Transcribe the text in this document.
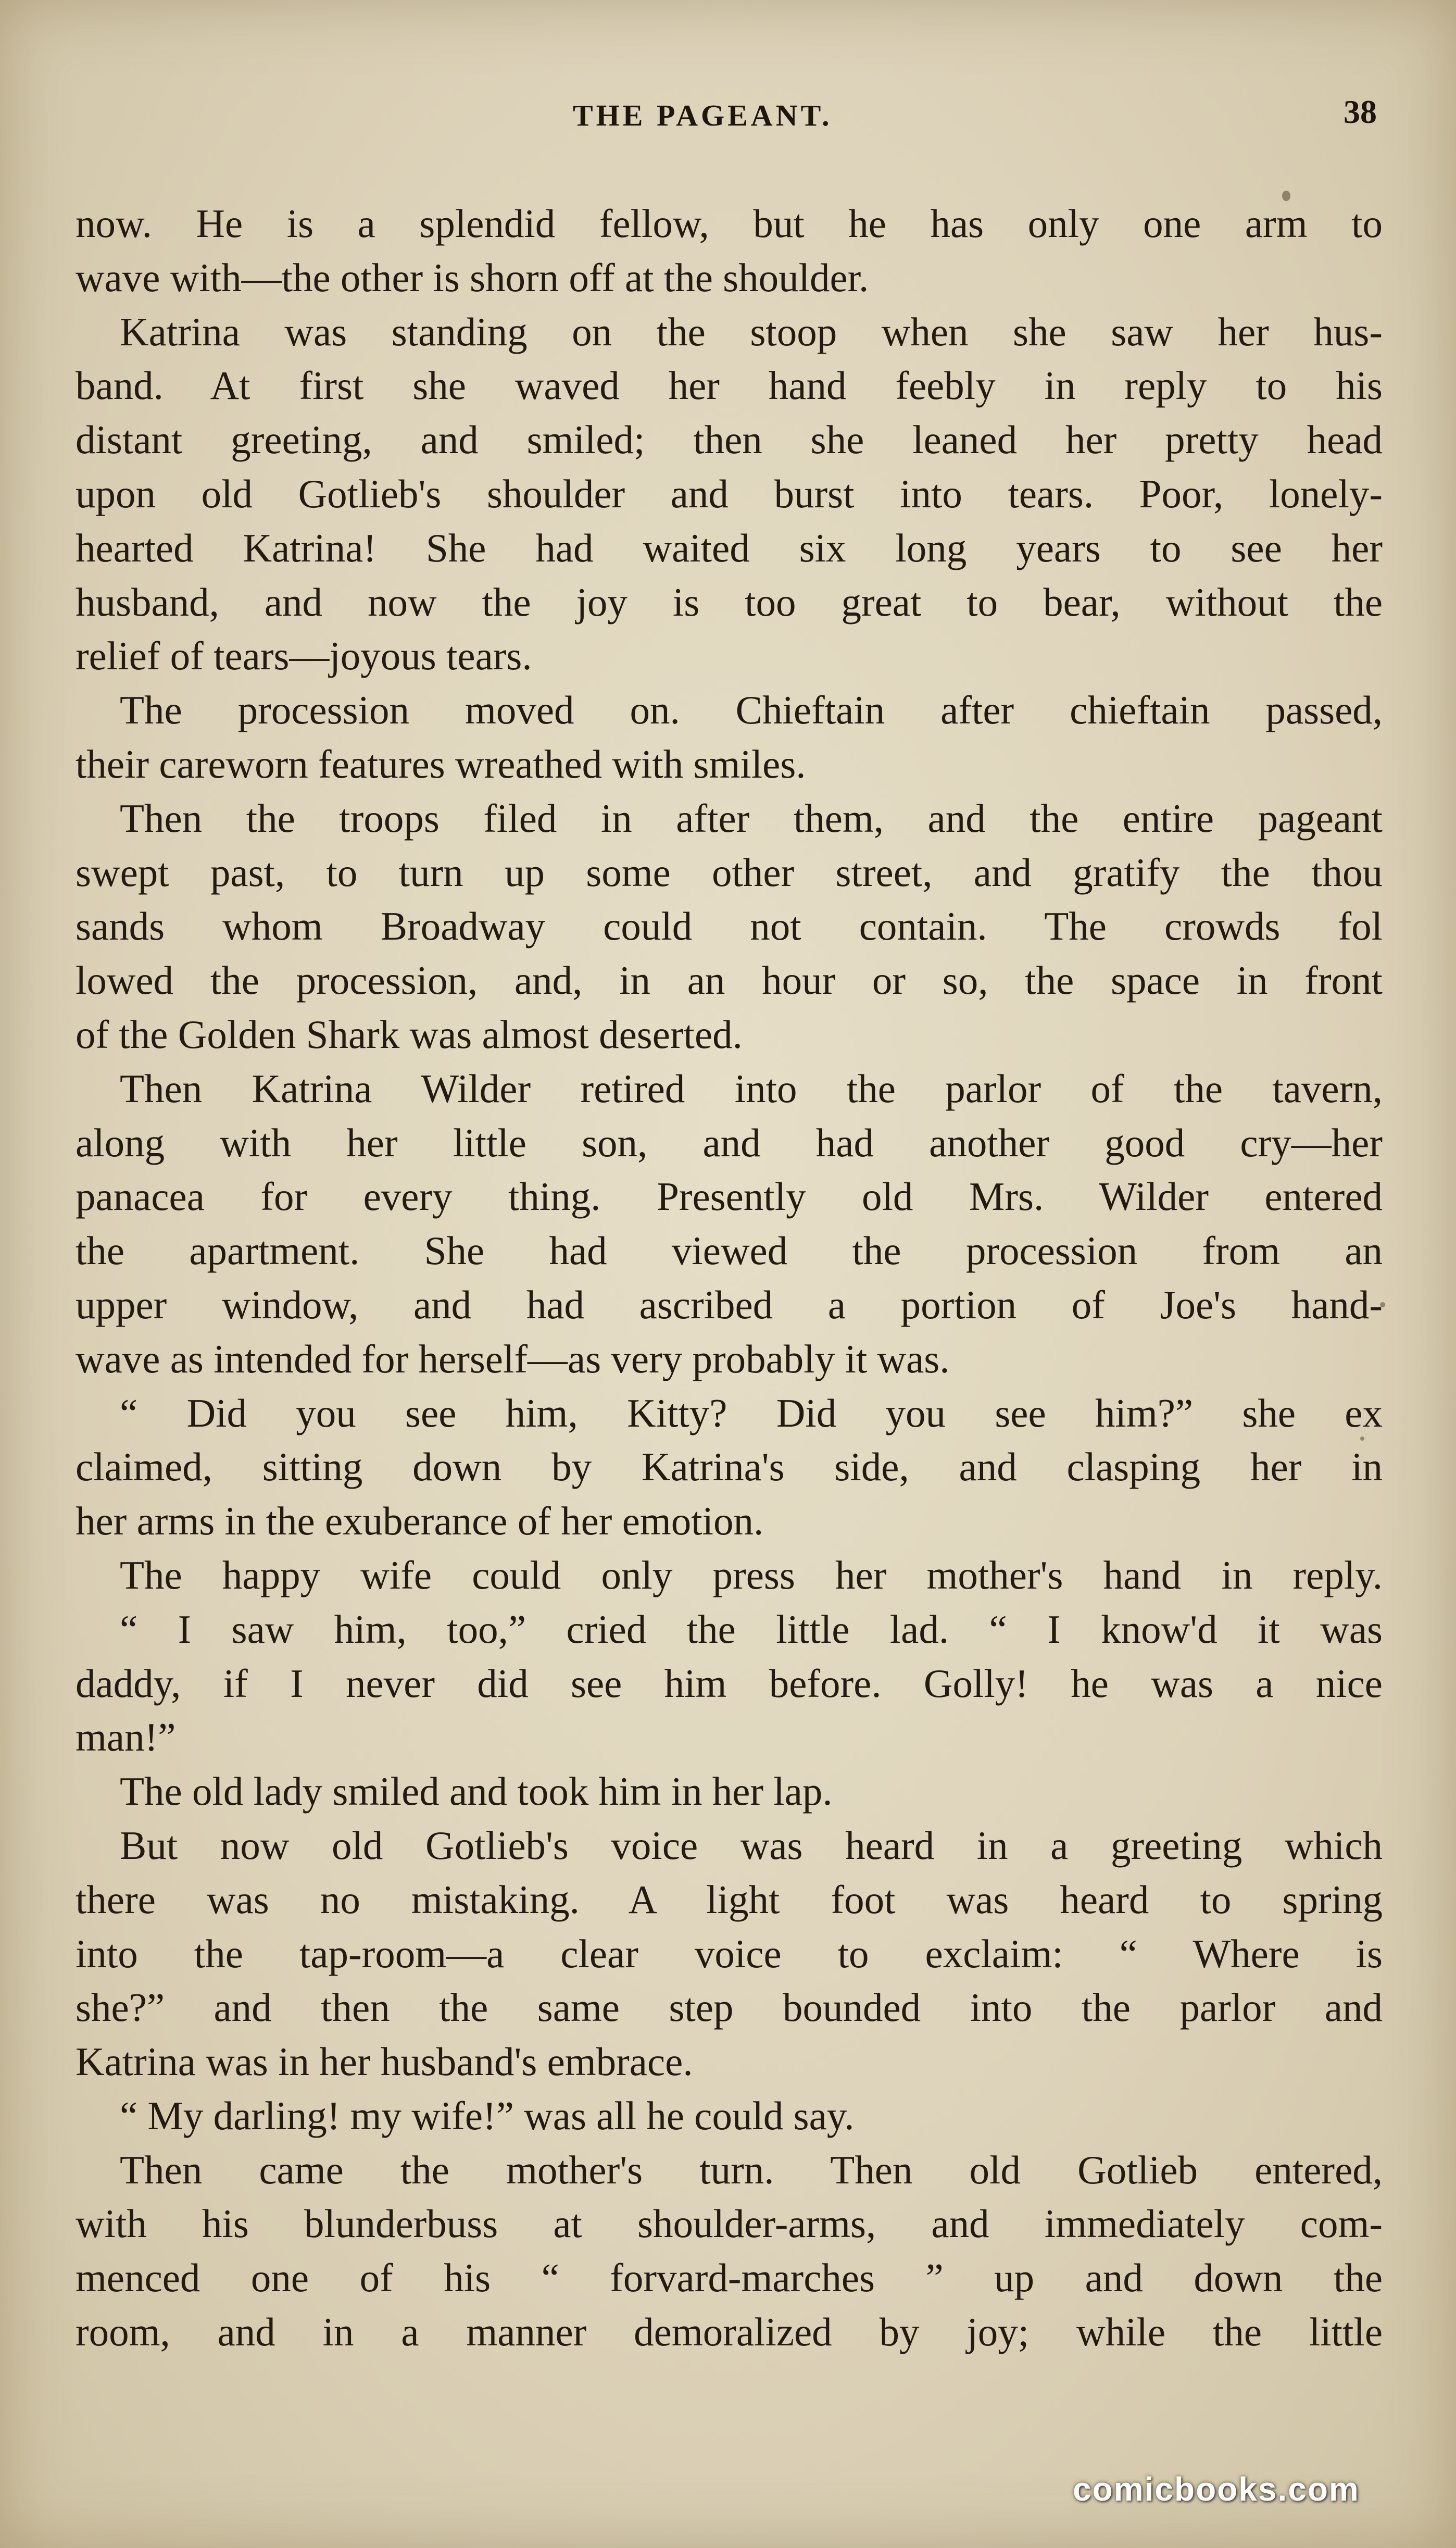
THE PAGEANT.	38
now. He is a splendid fellow, but he has only one arm to
wave with—the other is shorn off at the shoulder.
Katrina was standing on the stoop when she saw her hus-
band. At first she waved her hand feebly in reply to his
distant greeting, and smiled; then she leaned her pretty head
upon old Gotlieb's shoulder and burst into tears. Poor, lonely-
hearted Katrina! She had waited six long years to see her
husband, and now the joy is too great to bear, without the
relief of tears—joyous tears.
The procession moved on. Chieftain after chieftain passed,
their careworn features wreathed with smiles.
Then the troops filed in after them, and the entire pageant
swept past, to turn up some other street, and gratify the thou
sands whom Broadway could not contain. The crowds fol
lowed the procession, and, in an hour or so, the space in front
of the Golden Shark was almost deserted.
Then Katrina Wilder retired into the parlor of the tavern,
along with her little son, and had another good cry—her
panacea for every thing. Presently old Mrs. Wilder entered
the apartment. She had viewed the procession from an
upper window, and had ascribed a portion of Joe's hand-
wave as intended for herself—as very probably it was.
“ Did you see him, Kitty? Did you see him?” she ex
claimed, sitting down by Katrina's side, and clasping her in
her arms in the exuberance of her emotion.
The happy wife could only press her mother's hand in reply.
“ I saw him, too,” cried the little lad. “ I know'd it was
daddy, if I never did see him before. Golly! he was a nice
man!”
The old lady smiled and took him in her lap.
But now old Gotlieb's voice was heard in a greeting which
there was no mistaking. A light foot was heard to spring
into the tap-room—a clear voice to exclaim: “ Where is
she?” and then the same step bounded into the parlor and
Katrina was in her husband's embrace.
“ My darling! my wife!” was all he could say.
Then came the mother's turn. Then old Gotlieb entered,
with his blunderbuss at shoulder-arms, and immediately com-
menced one of his “ forvard-marches ” up and down the
room, and in a manner demoralized by joy; while the little
comicbooks.com
